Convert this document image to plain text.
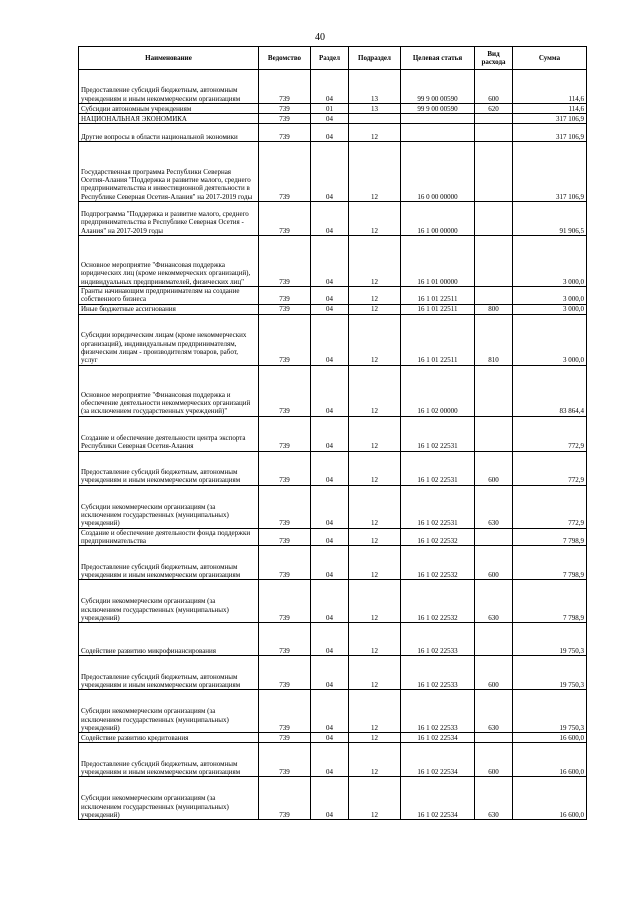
40
Наименование	Ведомство	Раздел	Подраздел	Целевая статья	Вид расхода	Сумма
Предоставление субсидий бюджетным, автономным учреждениям и иным некоммерческим организациям	739	04	13	99 9 00 00590	600	114,6
Субсидии автономным учреждениям	739	01	13	99 9 00 00590	620	114,6
НАЦИОНАЛЬНАЯ ЭКОНОМИКА	739	04				317 106,9
Другие вопросы в области национальной экономики	739	04	12			317 106,9
Государственная программа Республики Северная Осетия-Алания "Поддержка и развитие малого, среднего предпринимательства и инвестиционной деятельности в Республике Северная Осетия-Алания" на 2017-2019 годы	739	04	12	16 0 00 00000		317 106,9
Подпрограмма "Поддержка и развитие малого, среднего предпринимательства в Республике Северная Осетия - Алания" на 2017-2019 годы	739	04	12	16 1 00 00000		91 906,5
Основное мероприятие "Финансовая поддержка юридических лиц (кроме некоммерческих организаций), индивидуальных предпринимателей, физических лиц"	739	04	12	16 1 01 00000		3 000,0
Гранты начинающим предпринимателям на создание собственного бизнеса	739	04	12	16 1 01 22511		3 000,0
Иные бюджетные ассигнования	739	04	12	16 1 01 22511	800	3 000,0
Субсидии юридическим лицам (кроме некоммерческих организаций), индивидуальным предпринимателям, физическим лицам - производителям товаров, работ, услуг	739	04	12	16 1 01 22511	810	3 000,0
Основное мероприятие "Финансовая поддержка и обеспечение деятельности некоммерческих организаций (за исключением государственных учреждений)"	739	04	12	16 1 02 00000		83 864,4
Создание и обеспечение деятельности центра экспорта Республики Северная Осетия-Алания	739	04	12	16 1 02 22531		772,9
Предоставление субсидий бюджетным, автономным учреждениям и иным некоммерческим организациям	739	04	12	16 1 02 22531	600	772,9
Субсидии некоммерческим организациям (за исключением государственных (муниципальных) учреждений)	739	04	12	16 1 02 22531	630	772,9
Создание и обеспечение деятельности фонда поддержки предпринимательства	739	04	12	16 1 02 22532		7 798,9
Предоставление субсидий бюджетным, автономным учреждениям и иным некоммерческим организациям	739	04	12	16 1 02 22532	600	7 798,9
Субсидии некоммерческим организациям (за исключением государственных (муниципальных) учреждений)	739	04	12	16 1 02 22532	630	7 798,9
Содействие развитию микрофинансирования	739	04	12	16 1 02 22533		19 750,3
Предоставление субсидий бюджетным, автономным учреждениям и иным некоммерческим организациям	739	04	12	16 1 02 22533	600	19 750,3
Субсидии некоммерческим организациям (за исключением государственных (муниципальных) учреждений)	739	04	12	16 1 02 22533	630	19 750,3
Содействие развитию кредитования	739	04	12	16 1 02 22534		16 600,0
Предоставление субсидий бюджетным, автономным учреждениям и иным некоммерческим организациям	739	04	12	16 1 02 22534	600	16 600,0
Субсидии некоммерческим организациям (за исключением государственных (муниципальных) учреждений)	739	04	12	16 1 02 22534	630	16 600,0
